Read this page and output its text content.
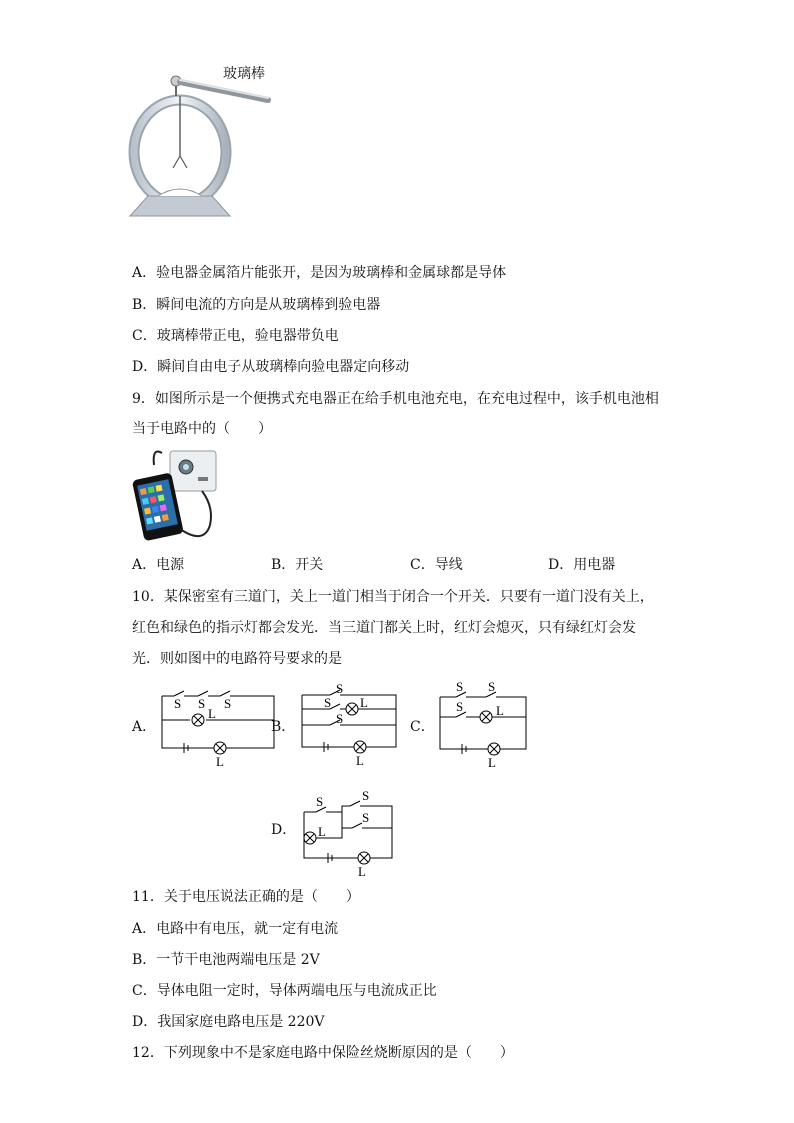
玻璃棒
A．验电器金属箔片能张开，是因为玻璃棒和金属球都是导体
B．瞬间电流的方向是从玻璃棒到验电器
C．玻璃棒带正电，验电器带负电
D．瞬间自由电子从玻璃棒向验电器定向移动
9．如图所示是一个便携式充电器正在给手机电池充电，在充电过程中，该手机电池相
当于电路中的（　　）
A．电源	B．开关	C．导线	D．用电器
10．某保密室有三道门，关上一道门相当于闭合一个开关．只要有一道门没有关上，
红色和绿色的指示灯都会发光．当三道门都关上时，红灯会熄灭，只有绿红灯会发
光．则如图中的电路符号要求的是
A．	B．	C．
D．
S S S
L
L
S
S
S
L
L
S S
S	L
L
S	S
S
L
L
11．关于电压说法正确的是（　　）
A．电路中有电压，就一定有电流
B．一节干电池两端电压是 2V
C．导体电阻一定时，导体两端电压与电流成正比
D．我国家庭电路电压是 220V
12．下列现象中不是家庭电路中保险丝烧断原因的是（　　）
